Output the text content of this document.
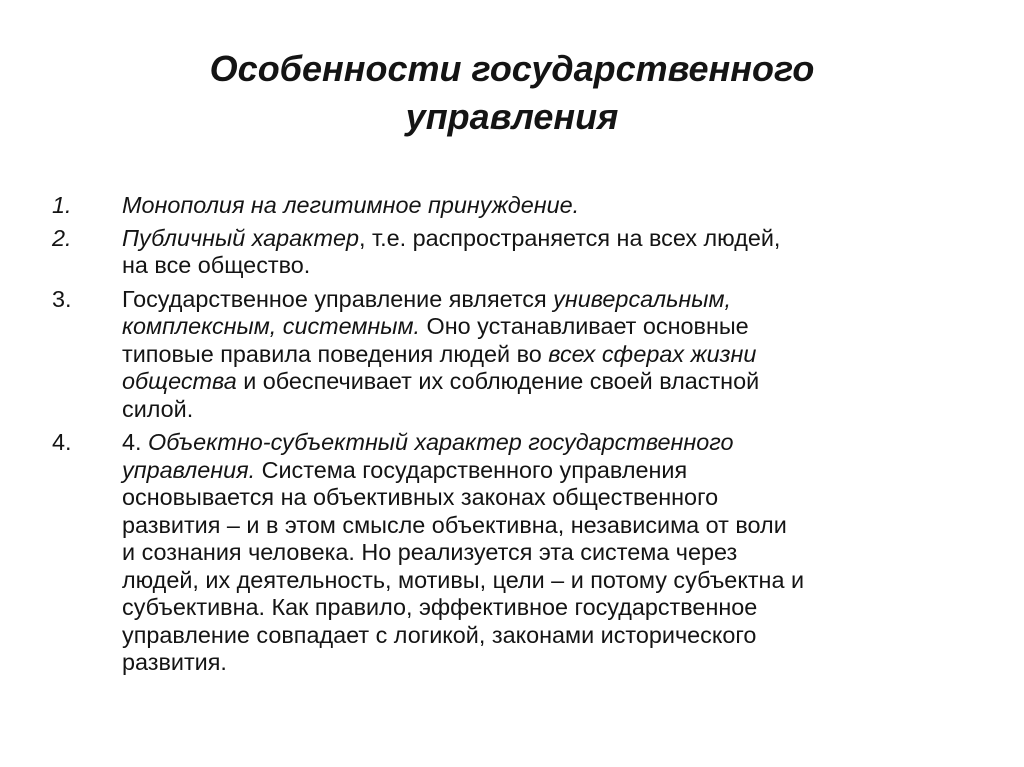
Особенности государственного
управления
1. Монополия на легитимное принуждение.
2. Публичный характер, т.е. распространяется на всех людей,
на все общество.
3. Государственное управление является универсальным,
комплексным, системным. Оно устанавливает основные
типовые правила поведения людей во всех сферах жизни
общества и обеспечивает их соблюдение своей властной
силой.
4. 4. Объектно-субъектный характер государственного
управления. Система государственного управления
основывается на объективных законах общественного
развития – и в этом смысле объективна, независима от воли
и сознания человека. Но реализуется эта система через
людей, их деятельность, мотивы, цели – и потому субъектна и
субъективна. Как правило, эффективное государственное
управление совпадает с логикой, законами исторического
развития.
